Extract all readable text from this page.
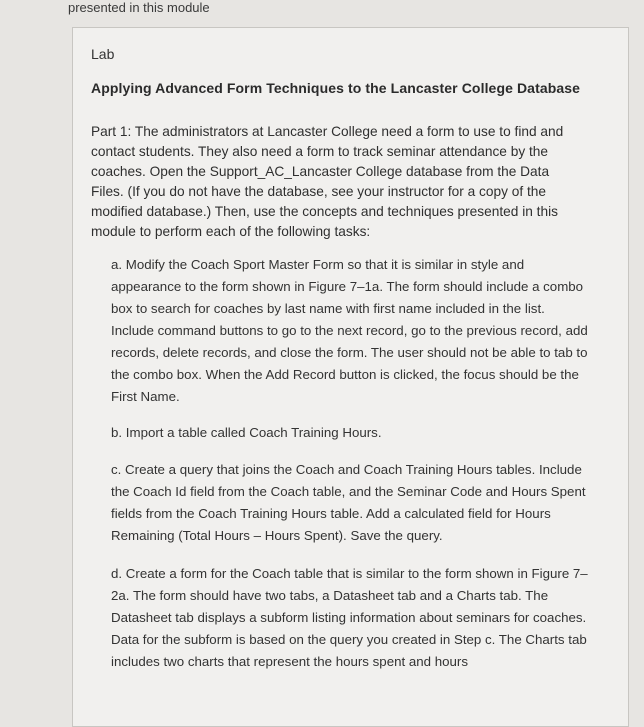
presented in this module
Lab
Applying Advanced Form Techniques to the Lancaster College Database
Part 1: The administrators at Lancaster College need a form to use to find and contact students. They also need a form to track seminar attendance by the coaches. Open the Support_AC_Lancaster College database from the Data Files. (If you do not have the database, see your instructor for a copy of the modified database.) Then, use the concepts and techniques presented in this module to perform each of the following tasks:
a. Modify the Coach Sport Master Form so that it is similar in style and appearance to the form shown in Figure 7–1a. The form should include a combo box to search for coaches by last name with first name included in the list. Include command buttons to go to the next record, go to the previous record, add records, delete records, and close the form. The user should not be able to tab to the combo box. When the Add Record button is clicked, the focus should be the First Name.
b. Import a table called Coach Training Hours.
c. Create a query that joins the Coach and Coach Training Hours tables. Include the Coach Id field from the Coach table, and the Seminar Code and Hours Spent fields from the Coach Training Hours table. Add a calculated field for Hours Remaining (Total Hours – Hours Spent). Save the query.
d. Create a form for the Coach table that is similar to the form shown in Figure 7–2a. The form should have two tabs, a Datasheet tab and a Charts tab. The Datasheet tab displays a subform listing information about seminars for coaches. Data for the subform is based on the query you created in Step c. The Charts tab includes two charts that represent the hours spent and hours
